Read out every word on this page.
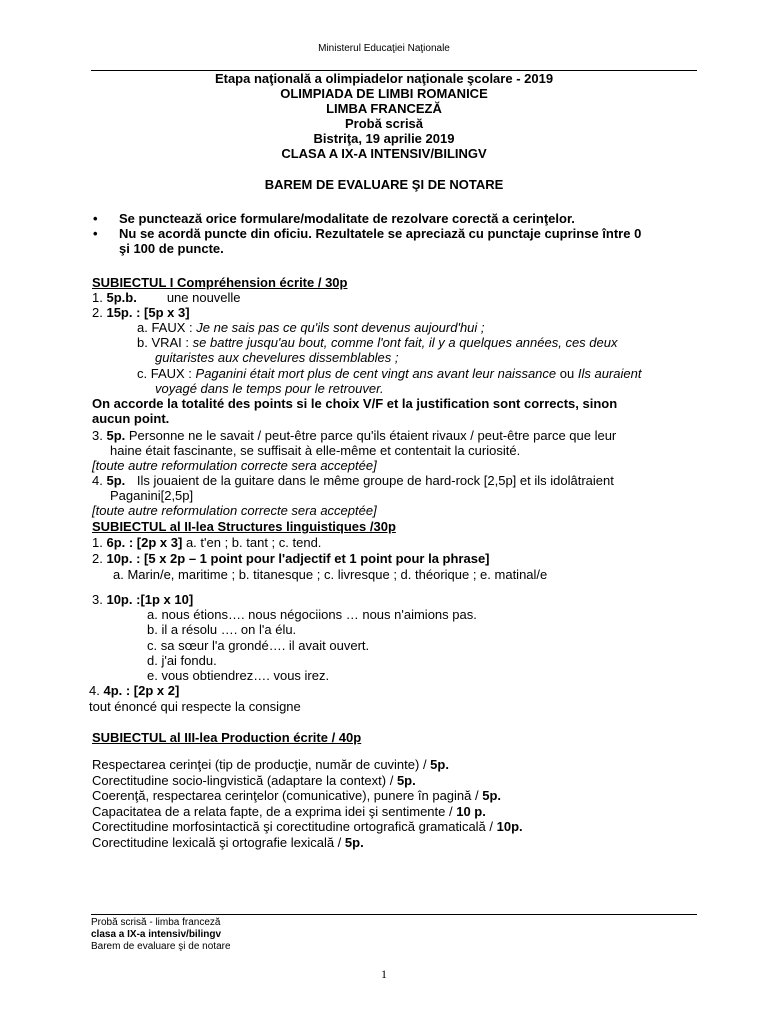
Ministerul Educaţiei Naţionale
Etapa naţională a olimpiadelor naţionale şcolare - 2019
OLIMPIADA DE LIMBI ROMANICE
LIMBA FRANCEZĂ
Probă scrisă
Bistriţa, 19 aprilie 2019
CLASA A IX-A INTENSIV/BILINGV
BAREM DE EVALUARE ŞI DE NOTARE
• Se punctează orice formulare/modalitate de rezolvare corectă a cerinţelor.
• Nu se acordă puncte din oficiu. Rezultatele se apreciază cu punctaje cuprinse între 0
şi 100 de puncte.
SUBIECTUL I Compréhension écrite / 30p
1. 5p.b. une nouvelle
2. 15p. : [5p x 3]
a. FAUX : Je ne sais pas ce qu'ils sont devenus aujourd'hui ;
b. VRAI : se battre jusqu'au bout, comme l'ont fait, il y a quelques années, ces deux
guitaristes aux chevelures dissemblables ;
c. FAUX : Paganini était mort plus de cent vingt ans avant leur naissance ou Ils auraient
voyagé dans le temps pour le retrouver.
On accorde la totalité des points si le choix V/F et la justification sont corrects, sinon
aucun point.
3. 5p. Personne ne le savait / peut-être parce qu'ils étaient rivaux / peut-être parce que leur
haine était fascinante, se suffisait à elle-même et contentait la curiosité.
[toute autre reformulation correcte sera acceptée]
4. 5p. Ils jouaient de la guitare dans le même groupe de hard-rock [2,5p] et ils idolâtraient
Paganini[2,5p]
[toute autre reformulation correcte sera acceptée]
SUBIECTUL al II-lea Structures linguistiques /30p
1. 6p. : [2p x 3] a. t'en ; b. tant ; c. tend.
2. 10p. : [5 x 2p – 1 point pour l'adjectif et 1 point pour la phrase]
a. Marin/e, maritime ; b. titanesque ; c. livresque ; d. théorique ; e. matinal/e
3. 10p. :[1p x 10]
a. nous étions…. nous négociions … nous n'aimions pas.
b. il a résolu …. on l'a élu.
c. sa sœur l'a grondé…. il avait ouvert.
d. j'ai fondu.
e. vous obtiendrez…. vous irez.
4. 4p. : [2p x 2]
tout énoncé qui respecte la consigne
SUBIECTUL al III-lea Production écrite / 40p
Respectarea cerinţei (tip de producţie, număr de cuvinte) / 5p.
Corectitudine socio-lingvistică (adaptare la context) / 5p.
Coerenţă, respectarea cerinţelor (comunicative), punere în pagină / 5p.
Capacitatea de a relata fapte, de a exprima idei şi sentimente / 10 p.
Corectitudine morfosintactică şi corectitudine ortografică gramaticală / 10p.
Corectitudine lexicală şi ortografie lexicală / 5p.
Probă scrisă - limba franceză
clasa a IX-a intensiv/bilingv
Barem de evaluare şi de notare
1
